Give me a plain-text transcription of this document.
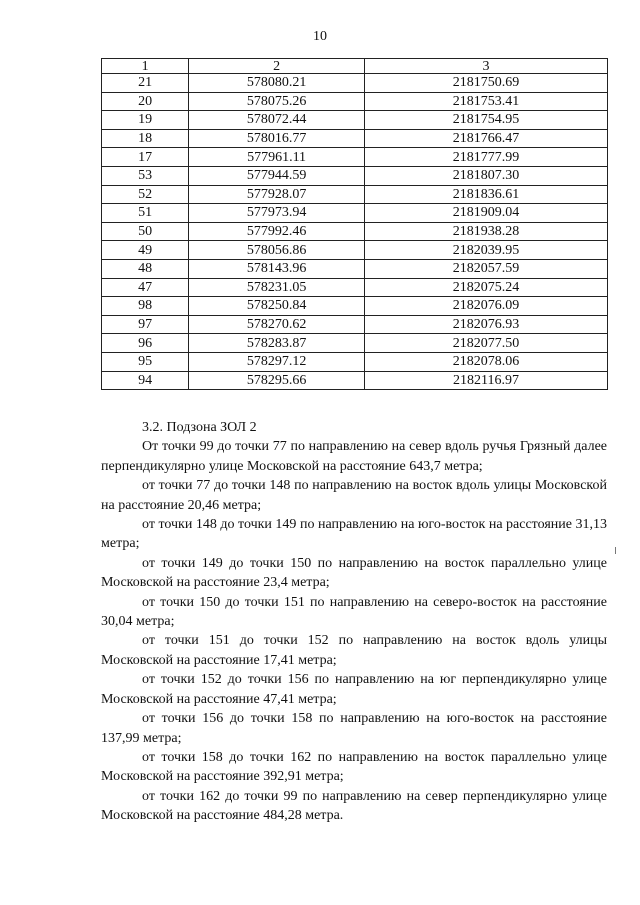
10
1	2	3
21	578080.21	2181750.69
20	578075.26	2181753.41
19	578072.44	2181754.95
18	578016.77	2181766.47
17	577961.11	2181777.99
53	577944.59	2181807.30
52	577928.07	2181836.61
51	577973.94	2181909.04
50	577992.46	2181938.28
49	578056.86	2182039.95
48	578143.96	2182057.59
47	578231.05	2182075.24
98	578250.84	2182076.09
97	578270.62	2182076.93
96	578283.87	2182077.50
95	578297.12	2182078.06
94	578295.66	2182116.97

3.2. Подзона ЗОЛ 2

От точки 99 до точки 77 по направлению на север вдоль ручья Грязный далее перпендикулярно улице Московской на расстояние 643,7 метра;

от точки 77 до точки 148 по направлению на восток вдоль улицы Московской на расстояние 20,46 метра;

от точки 148 до точки 149 по направлению на юго-восток на расстояние 31,13 метра;

от точки 149 до точки 150 по направлению на восток параллельно улице Московской на расстояние 23,4 метра;

от точки 150 до точки 151 по направлению на северо-восток на расстояние 30,04 метра;

от точки 151 до точки 152 по направлению на восток вдоль улицы Московской на расстояние 17,41 метра;

от точки 152 до точки 156 по направлению на юг перпендикулярно улице Московской на расстояние 47,41 метра;

от точки 156 до точки 158 по направлению на юго-восток на расстояние 137,99 метра;

от точки 158 до точки 162 по направлению на восток параллельно улице Московской на расстояние 392,91 метра;

от точки 162 до точки 99 по направлению на север перпендикулярно улице Московской на расстояние 484,28 метра.
